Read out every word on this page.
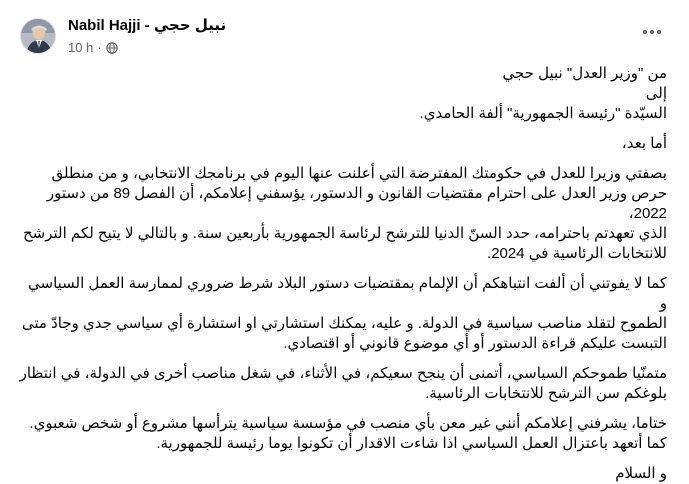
Nabil Hajji - نبيل حجي
10 h ·

من "وزير العدل" نبيل حجي

إلى

السيّدة "رئيسة الجمهورية" ألفة الحامدي.

أما بعد،

بصفتي وزيرا للعدل في حكومتك المفترضة التي أعلنت عنها اليوم في برنامجك الانتخابي، و من منطلق

حرص وزير العدل على احترام مقتضيات القانون و الدستور، يؤسفني إعلامكم، أن الفصل 89 من دستور 2022،

الذي تعهدتم باحترامه، حدد السنّ الدنيا للترشح لرئاسة الجمهورية بأربعين سنة. و بالتالي لا يتيح لكم الترشح

للانتخابات الرئاسية في 2024.

كما لا يفوتني أن ألفت انتباهكم أن الإلمام بمقتضيات دستور البلاد شرط ضروري لممارسة العمل السياسي و

الطموح لتقلد مناصب سياسية في الدولة. و عليه، يمكنك استشارتي او استشارة أي سياسي جدي وجادّ متى

التبست عليكم قراءة الدستور أو أي موضوع قانوني أو اقتصادي.

متمنّيا طموحكم السياسي، أتمنى أن ينجح سعيكم، في الأثناء، في شغل مناصب أخرى في الدولة، في انتظار

بلوغكم سن الترشح للانتخابات الرئاسية.

ختاما، يشرفني إعلامكم أنني غير معن بأي منصب في مؤسسة سياسية يترأسها مشروع أو شخص شعبوي.

كما أتعهد باعتزال العمل السياسي اذا شاءت الاقدار أن تكونوا يوما رئيسة للجمهورية.

و السلام
